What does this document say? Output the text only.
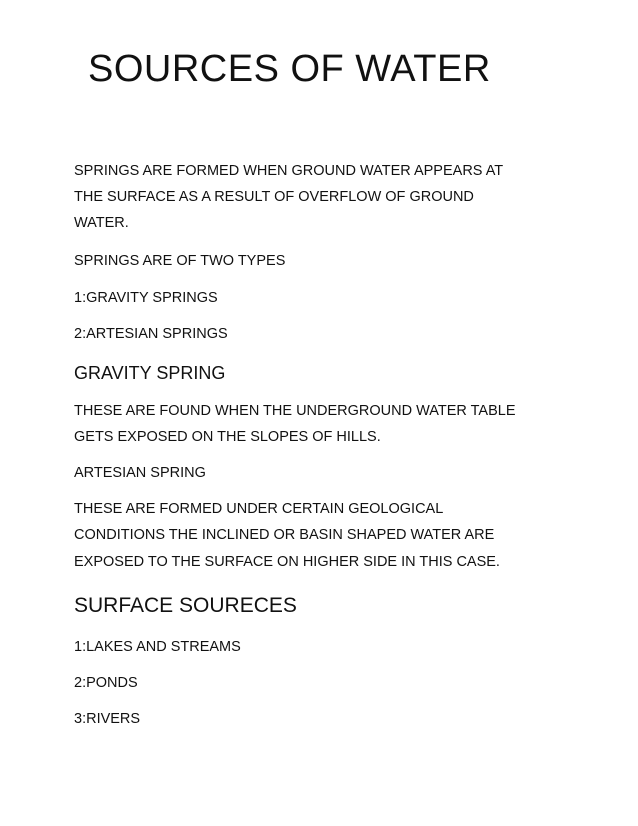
SOURCES OF WATER
SPRINGS ARE FORMED WHEN GROUND WATER APPEARS AT
THE SURFACE AS A RESULT OF OVERFLOW OF GROUND
WATER.
SPRINGS ARE OF TWO TYPES
1:GRAVITY SPRINGS
2:ARTESIAN SPRINGS
GRAVITY SPRING
THESE ARE FOUND WHEN THE UNDERGROUND WATER TABLE
GETS EXPOSED ON THE SLOPES OF HILLS.
ARTESIAN SPRING
THESE ARE FORMED UNDER CERTAIN GEOLOGICAL
CONDITIONS THE INCLINED OR BASIN SHAPED WATER ARE
EXPOSED TO THE SURFACE ON HIGHER SIDE IN THIS CASE.
SURFACE SOURECES
1:LAKES AND STREAMS
2:PONDS
3:RIVERS
